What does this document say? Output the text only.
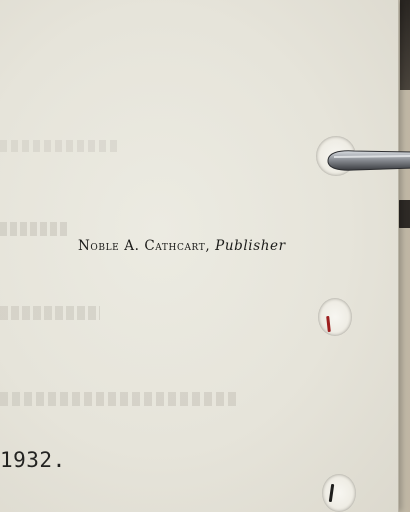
Noble A. Cathcart, Publisher
1932.
